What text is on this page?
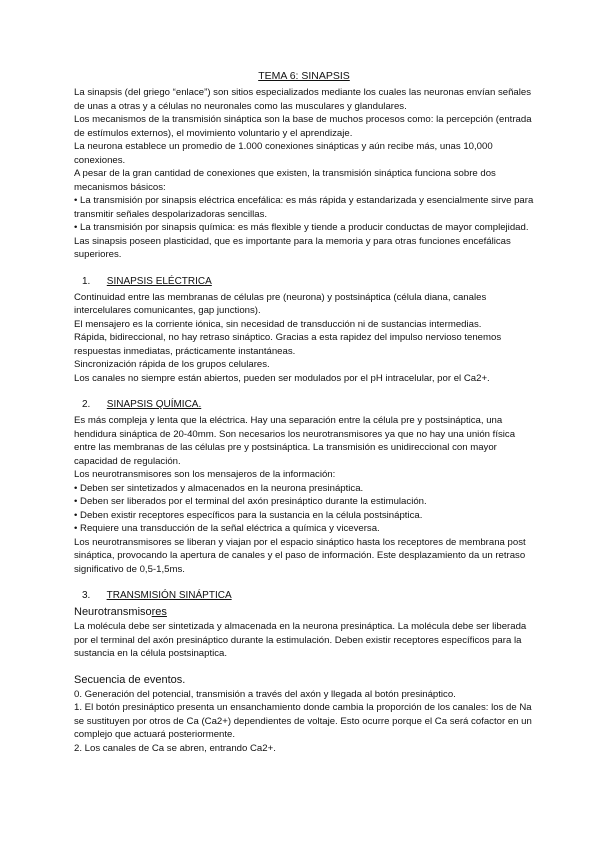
TEMA 6: SINAPSIS

La sinapsis (del griego “enlace”) son sitios especializados mediante los cuales las neuronas envían señales de unas a otras y a células no neuronales como las musculares y glandulares.

Los mecanismos de la transmisión sináptica son la base de muchos procesos como: la percepción (entrada de estímulos externos), el movimiento voluntario y el aprendizaje.

La neurona establece un promedio de 1.000 conexiones sinápticas y aún recibe más, unas 10,000 conexiones.

A pesar de la gran cantidad de conexiones que existen, la transmisión sináptica funciona sobre dos mecanismos básicos:

• La transmisión por sinapsis eléctrica encefálica: es más rápida y estandarizada y esencialmente sirve para transmitir señales despolarizadoras sencillas.

• La transmisión por sinapsis química: es más flexible y tiende a producir conductas de mayor complejidad.

Las sinapsis poseen plasticidad, que es importante para la memoria y para otras funciones encefálicas superiores.

1. SINAPSIS ELÉCTRICA

Continuidad entre las membranas de células pre (neurona) y postsináptica (célula diana, canales intercelulares comunicantes, gap junctions).

El mensajero es la corriente iónica, sin necesidad de transducción ni de sustancias intermedias.

Rápida, bidireccional, no hay retraso sináptico. Gracias a esta rapidez del impulso nervioso tenemos respuestas inmediatas, prácticamente instantáneas.

Sincronización rápida de los grupos celulares.

Los canales no siempre están abiertos, pueden ser modulados por el pH intracelular, por el Ca2+.

2. SINAPSIS QUÍMICA.

Es más compleja y lenta que la eléctrica. Hay una separación entre la célula pre y postsináptica, una hendidura sináptica de 20-40mm. Son necesarios los neurotransmisores ya que no hay una unión física entre las membranas de las células pre y postsináptica. La transmisión es unidireccional con mayor capacidad de regulación.

Los neurotransmisores son los mensajeros de la información:

• Deben ser sintetizados y almacenados en la neurona presináptica.

• Deben ser liberados por el terminal del axón presináptico durante la estimulación.

• Deben existir receptores específicos para la sustancia en la célula postsináptica.

• Requiere una transducción de la señal eléctrica a química y viceversa.

Los neurotransmisores se liberan y viajan por el espacio sináptico hasta los receptores de membrana post sináptica, provocando la apertura de canales y el paso de información. Este desplazamiento da un retraso significativo de 0,5-1,5ms.

3. TRANSMISIÓN SINÁPTICA
Neurotransmisores

La molécula debe ser sintetizada y almacenada en la neurona presináptica. La molécula debe ser liberada por el terminal del axón presináptico durante la estimulación. Deben existir receptores específicos para la sustancia en la célula postsinaptica.

Secuencia de eventos.

0. Generación del potencial, transmisión a través del axón y llegada al botón presináptico.

1. El botón presináptico presenta un ensanchamiento donde cambia la proporción de los canales: los de Na se sustituyen por otros de Ca (Ca2+) dependientes de voltaje. Esto ocurre porque el Ca será cofactor en un complejo que actuará posteriormente.

2. Los canales de Ca se abren, entrando Ca2+.
